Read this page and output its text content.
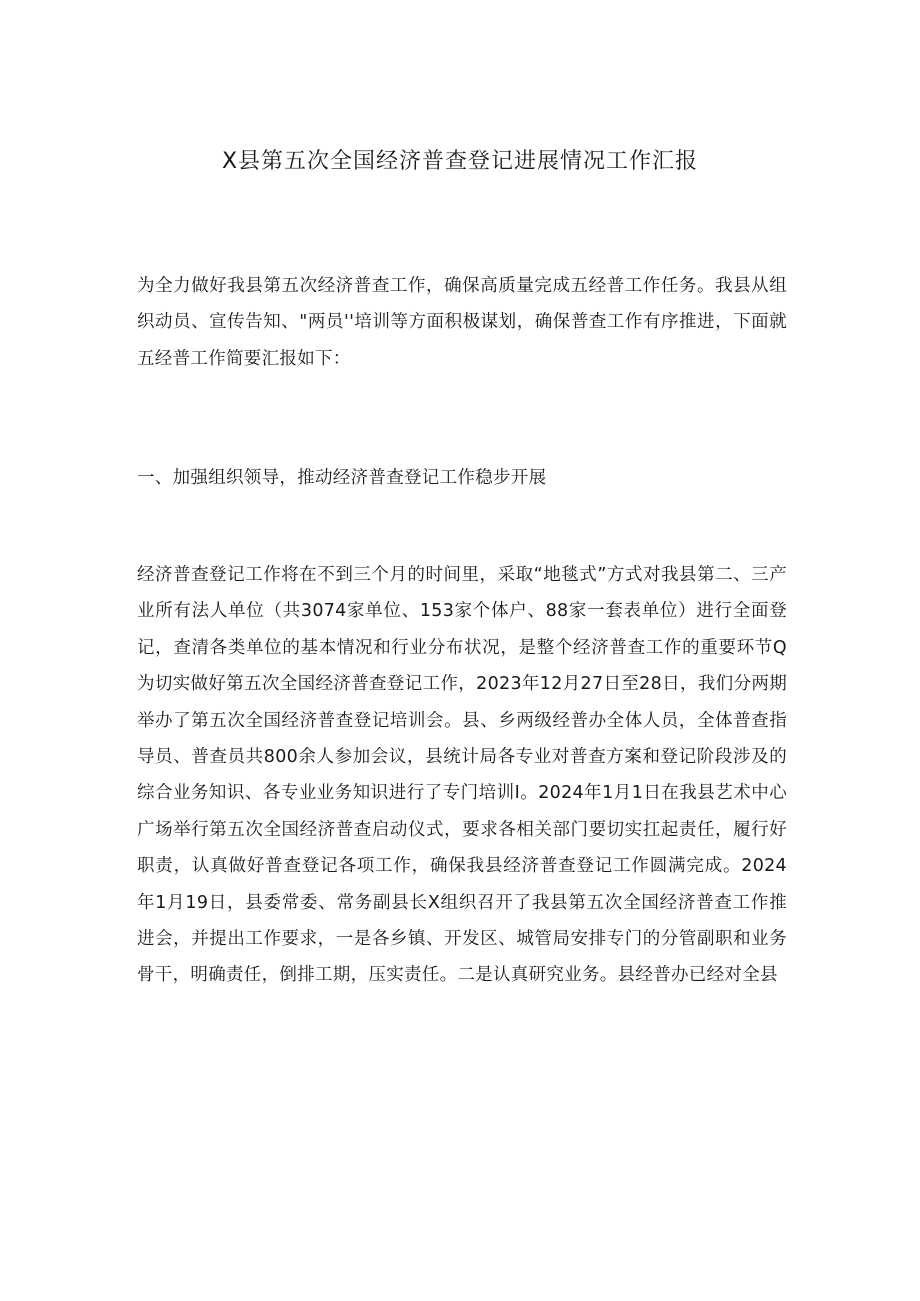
X县第五次全国经济普查登记进展情况工作汇报

为全力做好我县第五次经济普查工作，确保高质量完成五经普工作任务。我县从组织动员、宣传告知、"两员''培训等方面积极谋划，确保普查工作有序推进，下面就五经普工作简要汇报如下：

一、加强组织领导，推动经济普查登记工作稳步开展

经济普查登记工作将在不到三个月的时间里，采取“地毯式”方式对我县第二、三产业所有法人单位（共3074家单位、153家个体户、88家一套表单位）进行全面登记，查清各类单位的基本情况和行业分布状况，是整个经济普查工作的重要环节Q为切实做好第五次全国经济普查登记工作，2023年12月27日至28日，我们分两期举办了第五次全国经济普查登记培训会。县、乡两级经普办全体人员，全体普查指导员、普查员共800余人参加会议，县统计局各专业对普查方案和登记阶段涉及的综合业务知识、各专业业务知识进行了专门培训I。2024年1月1日在我县艺术中心广场举行第五次全国经济普查启动仪式，要求各相关部门要切实扛起责任，履行好职责，认真做好普查登记各项工作，确保我县经济普查登记工作圆满完成。2024年1月19日，县委常委、常务副县长X组织召开了我县第五次全国经济普查工作推进会，并提出工作要求，一是各乡镇、开发区、城管局安排专门的分管副职和业务骨干，明确责任，倒排工期，压实责任。二是认真研究业务。县经普办已经对全县
